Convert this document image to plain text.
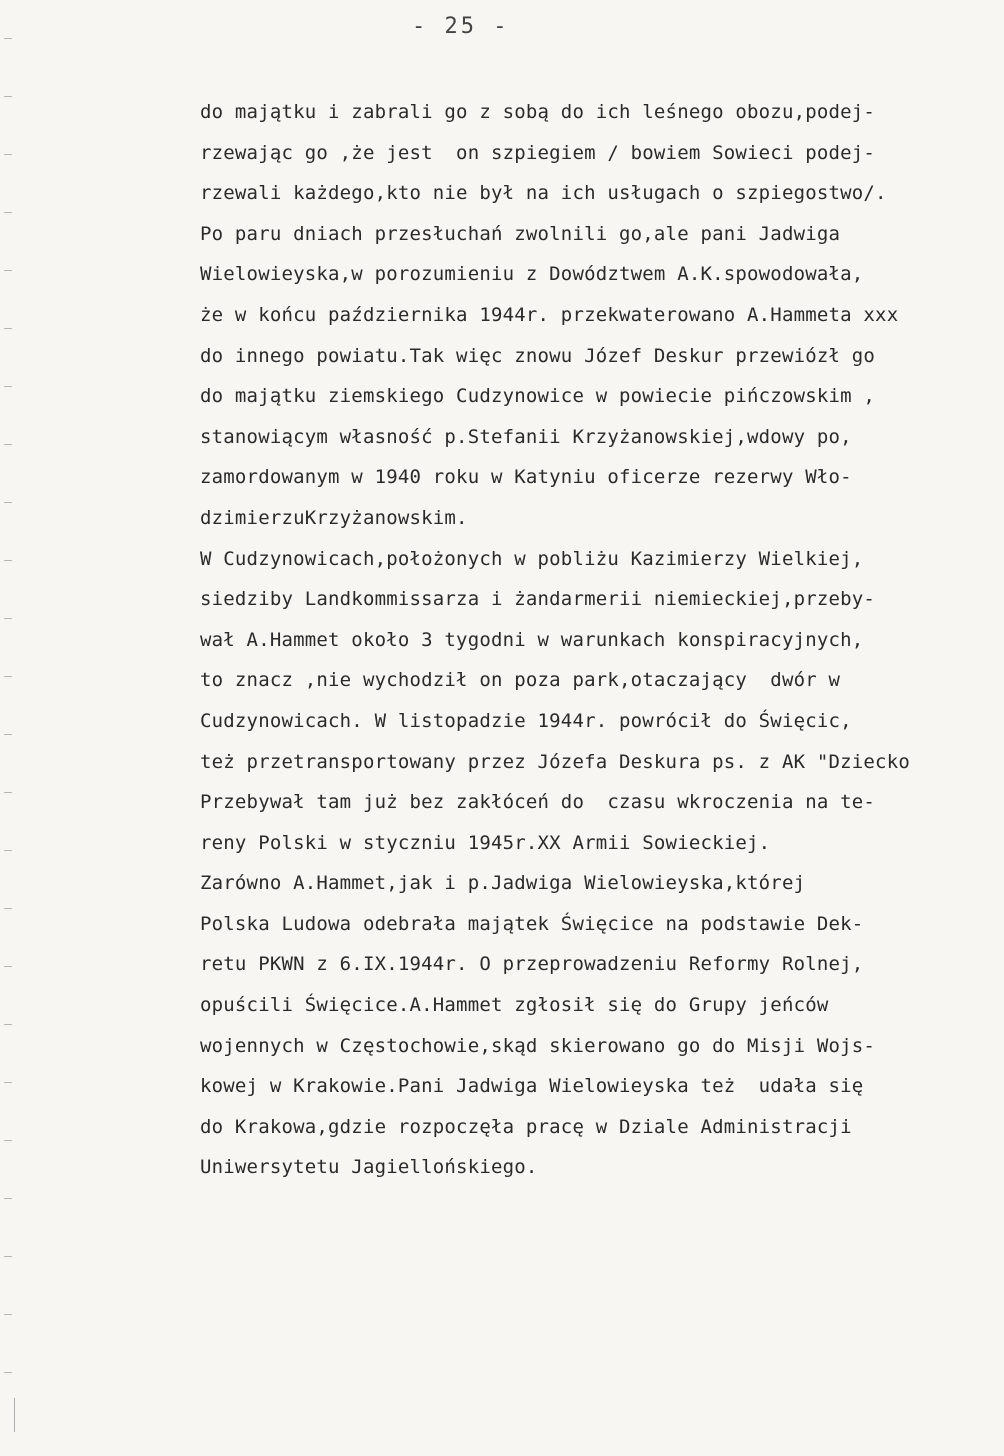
- 25 -
do majątku i zabrali go z sobą do ich leśnego obozu,podej-
rzewając go ,że jest  on szpiegiem / bowiem Sowieci podej-
rzewali każdego,kto nie był na ich usługach o szpiegostwo/.
Po paru dniach przesłuchań zwolnili go,ale pani Jadwiga
Wielowieyska,w porozumieniu z Dowództwem A.K.spowodowała,
że w końcu października 1944r. przekwaterowano A.Hammeta xxx
do innego powiatu.Tak więc znowu Józef Deskur przewiózł go
do majątku ziemskiego Cudzynowice w powiecie pińczowskim ,
stanowiącym własność p.Stefanii Krzyżanowskiej,wdowy po,
zamordowanym w 1940 roku w Katyniu oficerze rezerwy Wło-
dzimierzuKrzyżanowskim.
W Cudzynowicach,położonych w pobliżu Kazimierzy Wielkiej,
siedziby Landkommissarza i żandarmerii niemieckiej,przeby-
wał A.Hammet około 3 tygodni w warunkach konspiracyjnych,
to znacz ,nie wychodził on poza park,otaczający  dwór w
Cudzynowicach. W listopadzie 1944r. powrócił do Święcic,
też przetransportowany przez Józefa Deskura ps. z AK "Dziecko
Przebywał tam już bez zakłóceń do  czasu wkroczenia na te-
reny Polski w styczniu 1945r.XX Armii Sowieckiej.
Zarówno A.Hammet,jak i p.Jadwiga Wielowieyska,której
Polska Ludowa odebrała majątek Święcice na podstawie Dek-
retu PKWN z 6.IX.1944r. O przeprowadzeniu Reformy Rolnej,
opuścili Święcice.A.Hammet zgłosił się do Grupy jeńców
wojennych w Częstochowie,skąd skierowano go do Misji Wojs-
kowej w Krakowie.Pani Jadwiga Wielowieyska też  udała się
do Krakowa,gdzie rozpoczęła pracę w Dziale Administracji
Uniwersytetu Jagiellońskiego.
